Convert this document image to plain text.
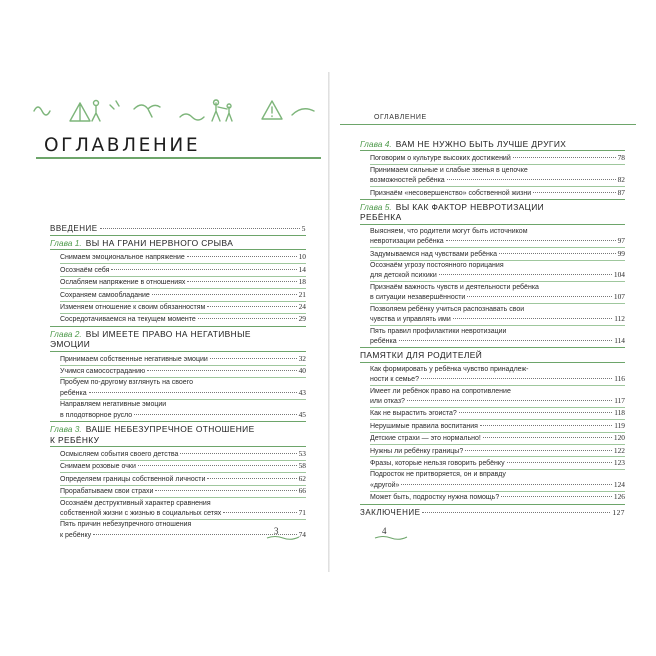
ОГЛАВЛЕНИЕ
ВВЕДЕНИЕ	5
Глава 1. ВЫ НА ГРАНИ НЕРВНОГО СРЫВА
Снимаем эмоциональное напряжение	10
Осознаём себя	14
Ослабляем напряжение в отношениях	18
Сохраняем самообладание	21
Изменяем отношение к своим обязанностям	24
Сосредотачиваемся на текущем моменте	29
Глава 2. ВЫ ИМЕЕТЕ ПРАВО НА НЕГАТИВНЫЕ
ЭМОЦИИ
Принимаем собственные негативные эмоции	32
Учимся самосостраданию	40
Пробуем по-другому взглянуть на своего
ребёнка	43
Направляем негативные эмоции
в плодотворное русло	45
Глава 3. ВАШЕ НЕБЕЗУПРЕЧНОЕ ОТНОШЕНИЕ
К РЕБЁНКУ
Осмысляем события своего детства	53
Снимаем розовые очки	58
Определяем границы собственной личности	62
Прорабатываем свои страхи	66
Осознаём деструктивный характер сравнения
собственной жизни с жизнью в социальных сетях	71
Пять причин небезупречного отношения
к ребёнку	74
3
ОГЛАВЛЕНИЕ
Глава 4. ВАМ НЕ НУЖНО БЫТЬ ЛУЧШЕ ДРУГИХ
Поговорим о культуре высоких достижений	78
Принимаем сильные и слабые звенья в цепочке
возможностей ребёнка	82
Признаём «несовершенство» собственной жизни	87
Глава 5. ВЫ КАК ФАКТОР НЕВРОТИЗАЦИИ
РЕБЁНКА
Выясняем, что родители могут быть источником
невротизации ребёнка	97
Задумываемся над чувствами ребёнка	99
Осознаём угрозу постоянного порицания
для детской психики	104
Признаём важность чувств и деятельности ребёнка
в ситуации незавершённости	107
Позволяем ребёнку учиться распознавать свои
чувства и управлять ими	112
Пять правил профилактики невротизации
ребёнка	114
ПАМЯТКИ ДЛЯ РОДИТЕЛЕЙ
Как формировать у ребёнка чувство принадлеж-
ности к семье?	116
Имеет ли ребёнок право на сопротивление
или отказ?	117
Как не вырастить эгоиста?	118
Нерушимые правила воспитания	119
Детские страхи — это нормально!	120
Нужны ли ребёнку границы?	122
Фразы, которые нельзя говорить ребёнку	123
Подросток не притворяется, он и вправду
«другой»	124
Может быть, подростку нужна помощь?	126
ЗАКЛЮЧЕНИЕ	127
4
